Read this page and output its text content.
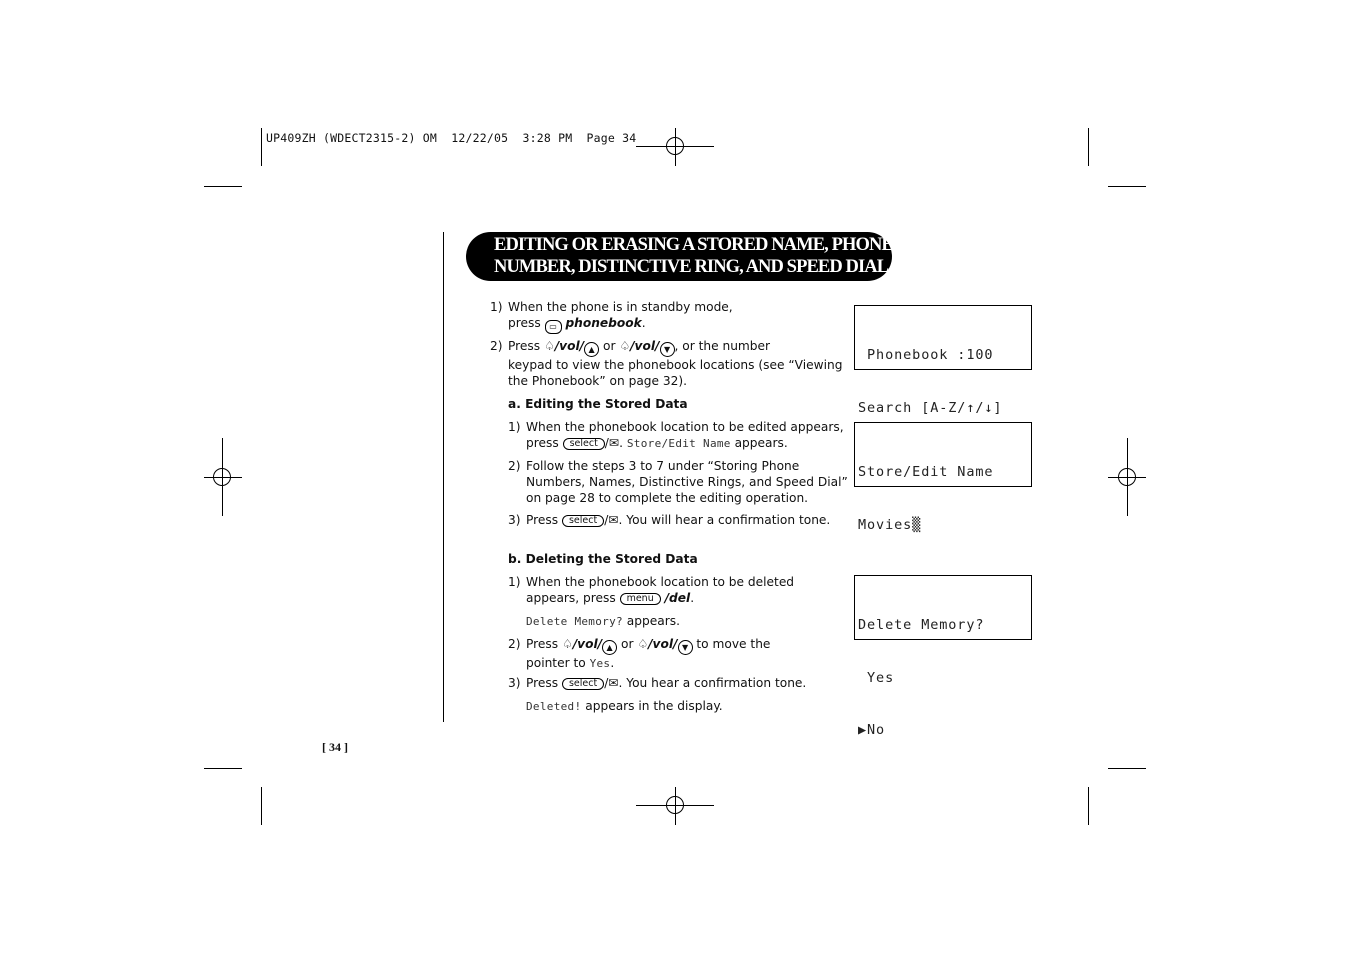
UP409ZH (WDECT2315-2) OM  12/22/05  3:28 PM  Page 34
EDITING OR ERASING A STORED NAME, PHONE
NUMBER, DISTINCTIVE RING, AND SPEED DIAL
1) When the phone is in standby mode,
press ▭ phonebook.
2) Press ♤/vol/ ▲ or ♤/vol/ ▼ , or the number
keypad to view the phonebook locations (see “Viewing
the Phonebook” on page 32).
a. Editing the Stored Data
1) When the phonebook location to be edited appears,
press select /✉. Store/Edit Name appears.
2) Follow the steps 3 to 7 under “Storing Phone
Numbers, Names, Distinctive Rings, and Speed Dial”
on page 28 to complete the editing operation.
3) Press select /✉. You will hear a confirmation tone.
b. Deleting the Stored Data
1) When the phonebook location to be deleted
appears, press menu /del.
Delete Memory? appears.
2) Press ♤/vol/ ▲ or ♤/vol/ ▼ to move the
pointer to Yes.
3) Press select /✉. You hear a confirmation tone.
Deleted! appears in the display.

Phonebook :100

Search [A-Z/↑/↓]

Store/Edit Name

Movies▒

Delete Memory?

Yes

▶No

[ 34 ]
